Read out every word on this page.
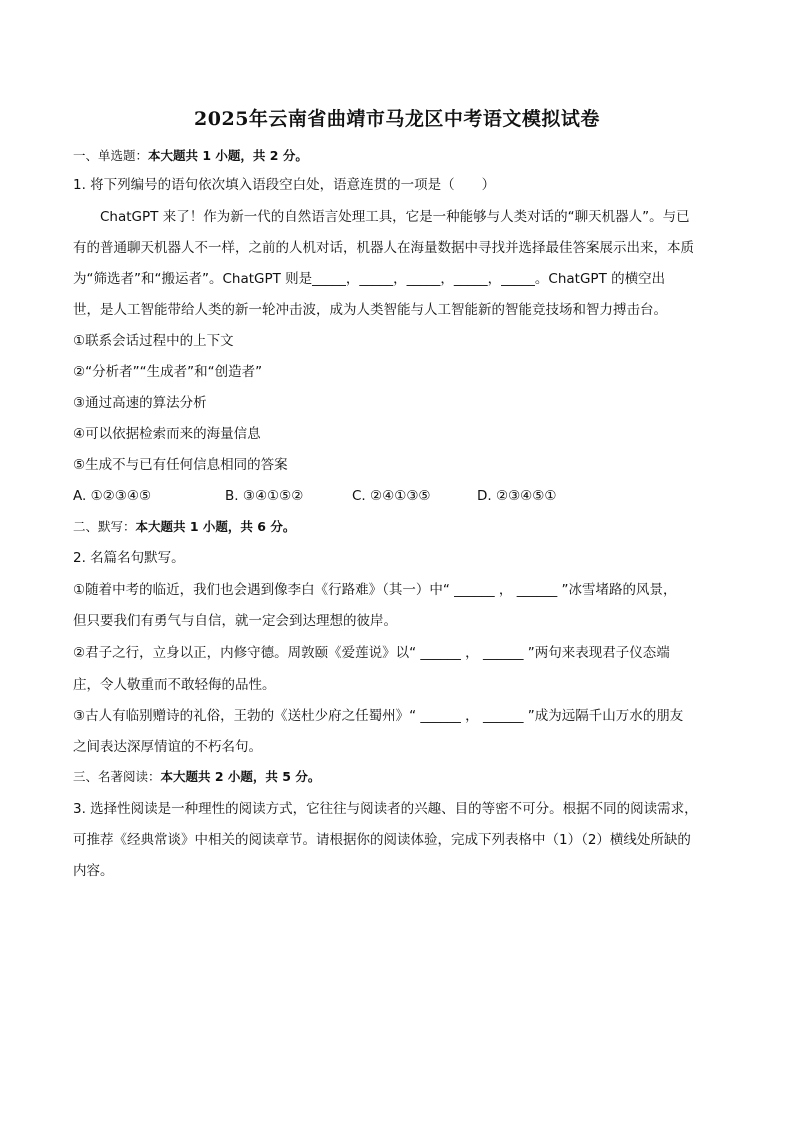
2025年云南省曲靖市马龙区中考语文模拟试卷
一、单选题：本大题共 1 小题，共 2 分。
1. 将下列编号的语句依次填入语段空白处，语意连贯的一项是（　　）
ChatGPT 来了！作为新一代的自然语言处理工具，它是一种能够与人类对话的“聊天机器人”。与已
有的普通聊天机器人不一样，之前的人机对话，机器人在海量数据中寻找并选择最佳答案展示出来，本质
为“筛选者”和“搬运者”。ChatGPT 则是_____，_____，_____，_____，_____。ChatGPT 的横空出
世，是人工智能带给人类的新一轮冲击波，成为人类智能与人工智能新的智能竞技场和智力搏击台。
①联系会话过程中的上下文
②“分析者”“生成者”和“创造者”
③通过高速的算法分析
④可以依据检索而来的海量信息
⑤生成不与已有任何信息相同的答案
A. ①②③④⑤	B. ③④①⑤②	C. ②④①③⑤	D. ②③④⑤①
二、默写：本大题共 1 小题，共 6 分。
2. 名篇名句默写。
①随着中考的临近，我们也会遇到像李白《行路难》（其一）中“ ______ ， ______ ”冰雪堵路的风景，
但只要我们有勇气与自信，就一定会到达理想的彼岸。
②君子之行，立身以正，内修守德。周敦颐《爱莲说》以“ ______ ， ______ ”两句来表现君子仪态端
庄，令人敬重而不敢轻侮的品性。
③古人有临别赠诗的礼俗，王勃的《送杜少府之任蜀州》“ ______ ， ______ ”成为远隔千山万水的朋友
之间表达深厚情谊的不朽名句。
三、名著阅读：本大题共 2 小题，共 5 分。
3. 选择性阅读是一种理性的阅读方式，它往往与阅读者的兴趣、目的等密不可分。根据不同的阅读需求，
可推荐《经典常谈》中相关的阅读章节。请根据你的阅读体验，完成下列表格中（1）（2）横线处所缺的
内容。
